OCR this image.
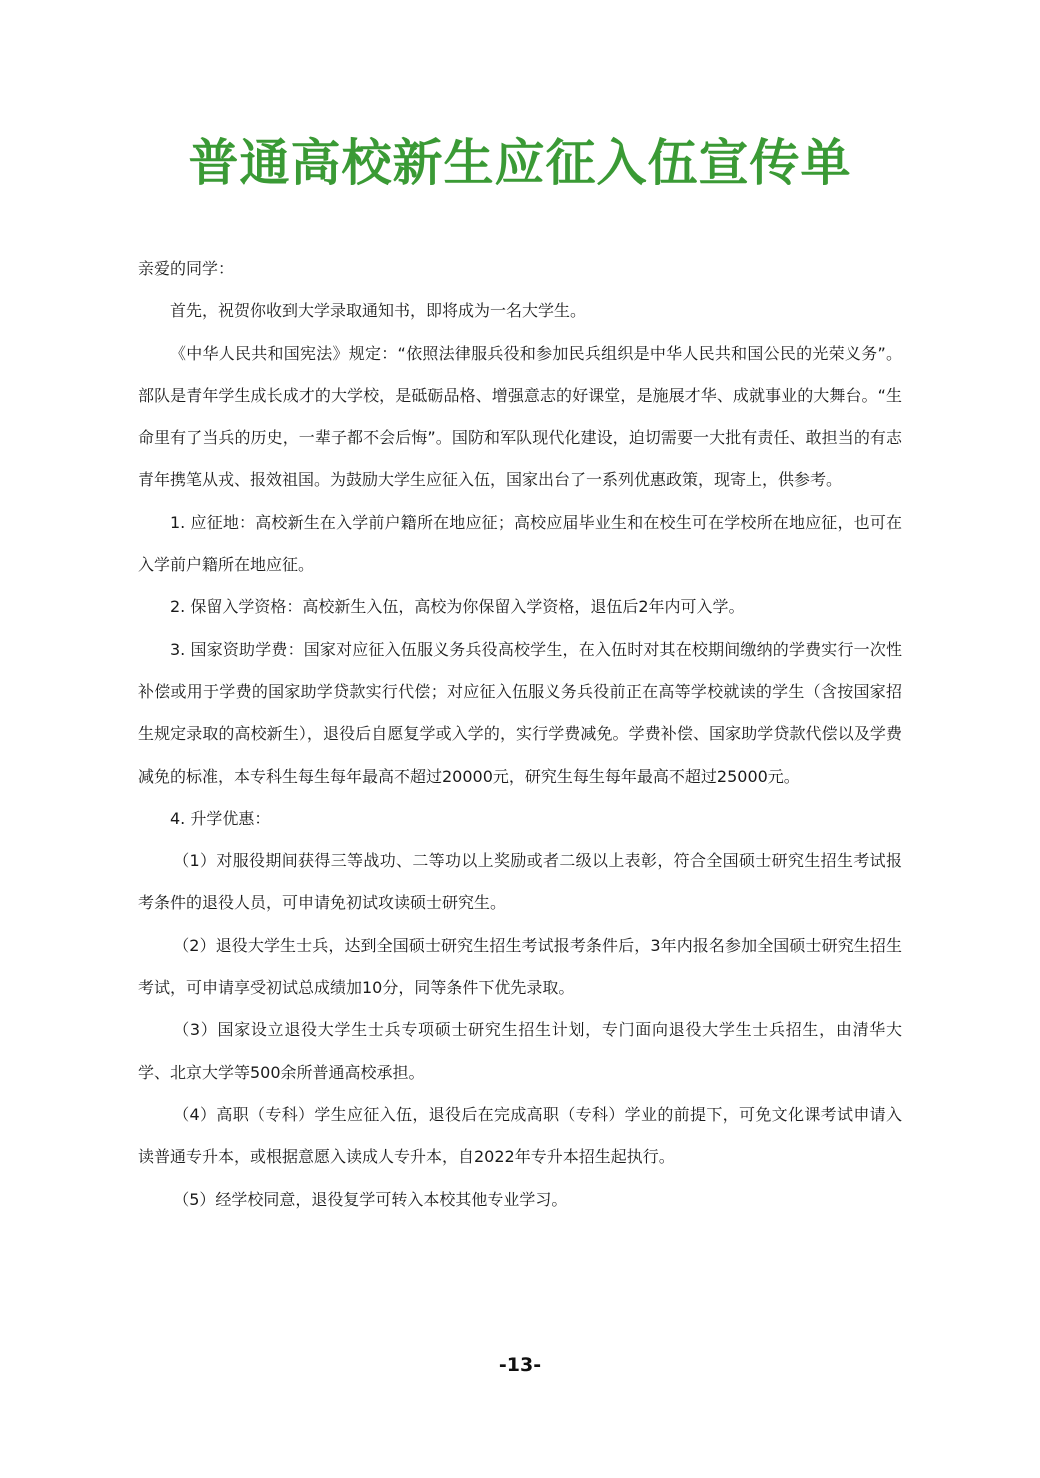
普通高校新生应征入伍宣传单

亲爱的同学：

首先，祝贺你收到大学录取通知书，即将成为一名大学生。

《中华人民共和国宪法》规定：“依照法律服兵役和参加民兵组织是中华人民共和国公民的光荣义务”。部队是青年学生成长成才的大学校，是砥砺品格、增强意志的好课堂，是施展才华、成就事业的大舞台。“生命里有了当兵的历史，一辈子都不会后悔”。国防和军队现代化建设，迫切需要一大批有责任、敢担当的有志青年携笔从戎、报效祖国。为鼓励大学生应征入伍，国家出台了一系列优惠政策，现寄上，供参考。

1. 应征地：高校新生在入学前户籍所在地应征；高校应届毕业生和在校生可在学校所在地应征，也可在入学前户籍所在地应征。

2. 保留入学资格：高校新生入伍，高校为你保留入学资格，退伍后2年内可入学。

3. 国家资助学费：国家对应征入伍服义务兵役高校学生，在入伍时对其在校期间缴纳的学费实行一次性补偿或用于学费的国家助学贷款实行代偿；对应征入伍服义务兵役前正在高等学校就读的学生（含按国家招生规定录取的高校新生），退役后自愿复学或入学的，实行学费减免。学费补偿、国家助学贷款代偿以及学费减免的标准，本专科生每生每年最高不超过20000元，研究生每生每年最高不超过25000元。

4. 升学优惠：

（1）对服役期间获得三等战功、二等功以上奖励或者二级以上表彰，符合全国硕士研究生招生考试报考条件的退役人员，可申请免初试攻读硕士研究生。

（2）退役大学生士兵，达到全国硕士研究生招生考试报考条件后，3年内报名参加全国硕士研究生招生考试，可申请享受初试总成绩加10分，同等条件下优先录取。

（3）国家设立退役大学生士兵专项硕士研究生招生计划，专门面向退役大学生士兵招生，由清华大学、北京大学等500余所普通高校承担。

（4）高职（专科）学生应征入伍，退役后在完成高职（专科）学业的前提下，可免文化课考试申请入读普通专升本，或根据意愿入读成人专升本，自2022年专升本招生起执行。

（5）经学校同意，退役复学可转入本校其他专业学习。

-13-
